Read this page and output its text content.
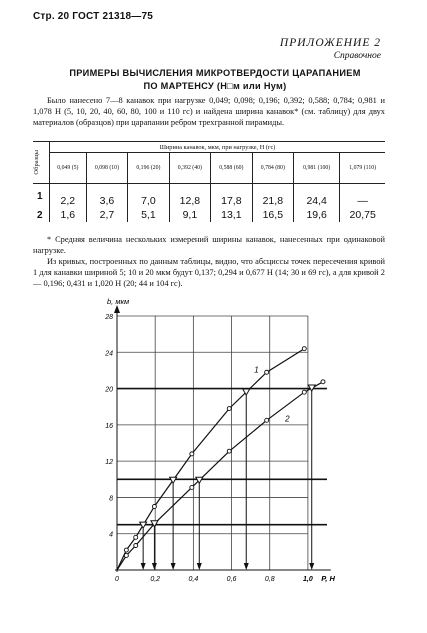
Стр. 20 ГОСТ 21318—75
ПРИЛОЖЕНИЕ 2
Справочное
ПРИМЕРЫ ВЫЧИСЛЕНИЯ МИКРОТВЕРДОСТИ ЦАРАПАНИЕМ
ПО МАРТЕНСУ (H□м или Hум)
Было нанесено 7—8 канавок при нагрузке 0,049; 0,098; 0,196; 0,392; 0,588; 0,784; 0,981 и 1,078 Н (5, 10, 20, 40, 60, 80, 100 и 110 гс) и найдена ширина канавок* (см. таблицу) для двух материалов (образцов) при царапании ребром трехгранной пирамиды.
Образцы	Ширина канавок, мкм, при нагрузке, Н (гс)							
	0,049 (5)	0,098 (10)	0,196 (20)	0,392 (40)	0,588 (60)	0,784 (80)	0,981 (100)	1,079 (110)
1	2,2	3,6	7,0	12,8	17,8	21,8	24,4	—
2	1,6	2,7	5,1	9,1	13,1	16,5	19,6	20,75
* Средняя величина нескольких измерений ширины канавок, нанесенных при одинаковой нагрузке.
Из кривых, построенных по данным таблицы, видно, что абсциссы точек пересечения кривой 1 для канавки шириной 5; 10 и 20 мкм будут 0,137; 0,294 и 0,677 Н (14; 30 и 69 гс), а для кривой 2 — 0,196; 0,431 и 1,020 Н (20; 44 и 104 гс).
4
8
12
16
20
24
28
0	0,2	0,4	0,6	0,8	1,0
b, мкм
P, Н
1
2
